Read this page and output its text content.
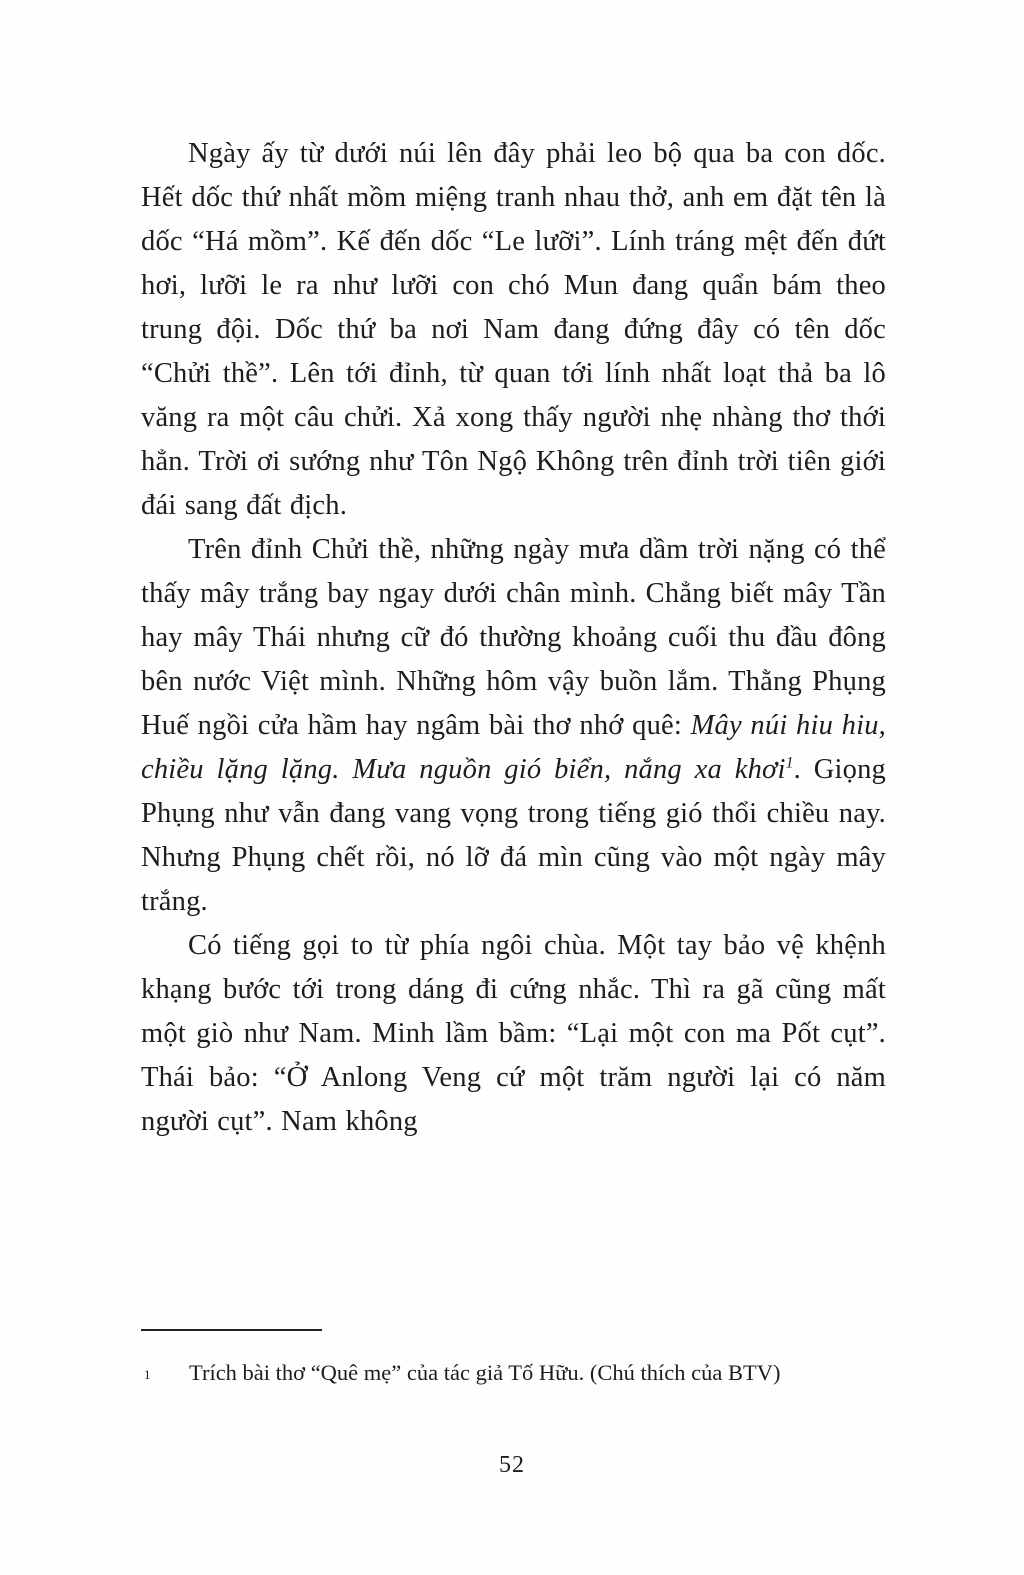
Ngày ấy từ dưới núi lên đây phải leo bộ qua ba con dốc. Hết dốc thứ nhất mồm miệng tranh nhau thở, anh em đặt tên là dốc “Há mồm”. Kế đến dốc “Le lưỡi”. Lính tráng mệt đến đứt hơi, lưỡi le ra như lưỡi con chó Mun đang quẩn bám theo trung đội. Dốc thứ ba nơi Nam đang đứng đây có tên dốc “Chửi thề”. Lên tới đỉnh, từ quan tới lính nhất loạt thả ba lô văng ra một câu chửi. Xả xong thấy người nhẹ nhàng thơ thới hẳn. Trời ơi sướng như Tôn Ngộ Không trên đỉnh trời tiên giới đái sang đất địch.

Trên đỉnh Chửi thề, những ngày mưa dầm trời nặng có thể thấy mây trắng bay ngay dưới chân mình. Chẳng biết mây Tần hay mây Thái nhưng cữ đó thường khoảng cuối thu đầu đông bên nước Việt mình. Những hôm vậy buồn lắm. Thằng Phụng Huế ngồi cửa hầm hay ngâm bài thơ nhớ quê: Mây núi hiu hiu, chiều lặng lặng. Mưa nguồn gió biển, nắng xa khơi$^1$. Giọng Phụng như vẫn đang vang vọng trong tiếng gió thổi chiều nay. Nhưng Phụng chết rồi, nó lỡ đá mìn cũng vào một ngày mây trắng.

Có tiếng gọi to từ phía ngôi chùa. Một tay bảo vệ khệnh khạng bước tới trong dáng đi cứng nhắc. Thì ra gã cũng mất một giò như Nam. Minh lầm bầm: “Lại một con ma Pốt cụt”. Thái bảo: “Ở Anlong Veng cứ một trăm người lại có năm người cụt”. Nam không

1	Trích bài thơ “Quê mẹ” của tác giả Tố Hữu. (Chú thích của BTV)
52
